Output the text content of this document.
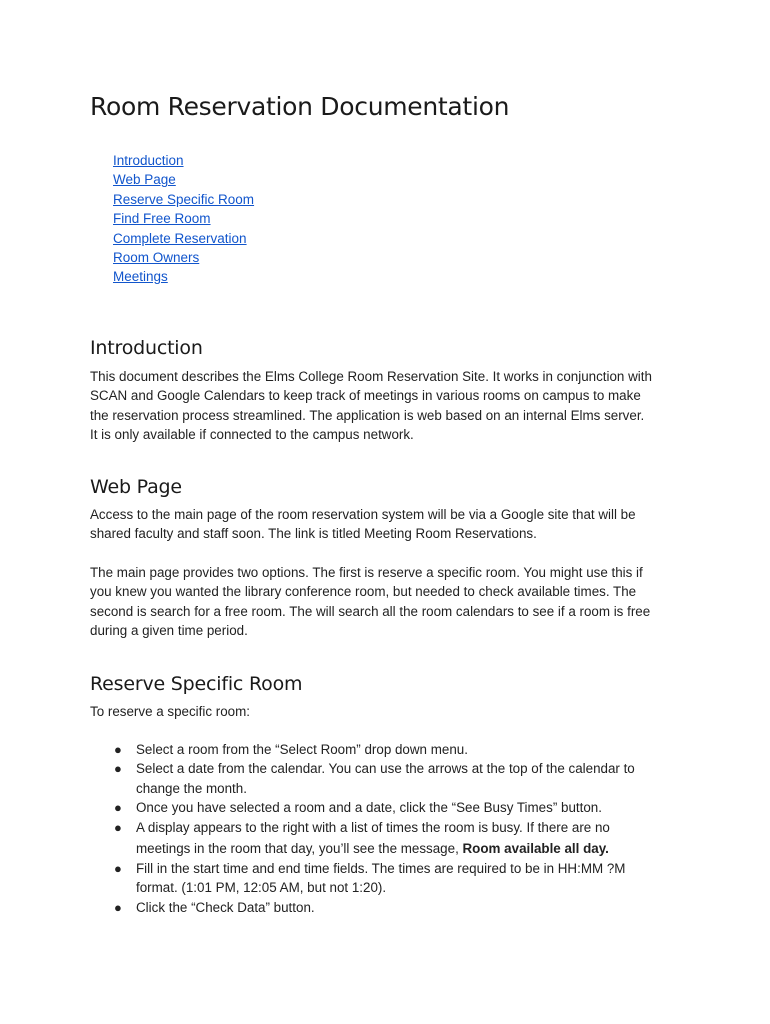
Room Reservation Documentation
Introduction
Web Page
Reserve Specific Room
Find Free Room
Complete Reservation
Room Owners
Meetings
Introduction

This document describes the Elms College Room Reservation Site. It works in conjunction with
SCAN and Google Calendars to keep track of meetings in various rooms on campus to make
the reservation process streamlined. The application is web based on an internal Elms server.
It is only available if connected to the campus network.

Web Page

Access to the main page of the room reservation system will be via a Google site that will be
shared faculty and staff soon. The link is titled Meeting Room Reservations.

The main page provides two options. The first is reserve a specific room. You might use this if
you knew you wanted the library conference room, but needed to check available times. The
second is search for a free room. The will search all the room calendars to see if a room is free
during a given time period.

Reserve Specific Room

To reserve a specific room:

● Select a room from the “Select Room” drop down menu.
● Select a date from the calendar. You can use the arrows at the top of the calendar to
change the month.
● Once you have selected a room and a date, click the “See Busy Times” button.
● A display appears to the right with a list of times the room is busy. If there are no
meetings in the room that day, you’ll see the message, Room available all day.
● Fill in the start time and end time fields. The times are required to be in HH:MM ?M
format. (1:01 PM, 12:05 AM, but not 1:20).
● Click the “Check Data” button.
